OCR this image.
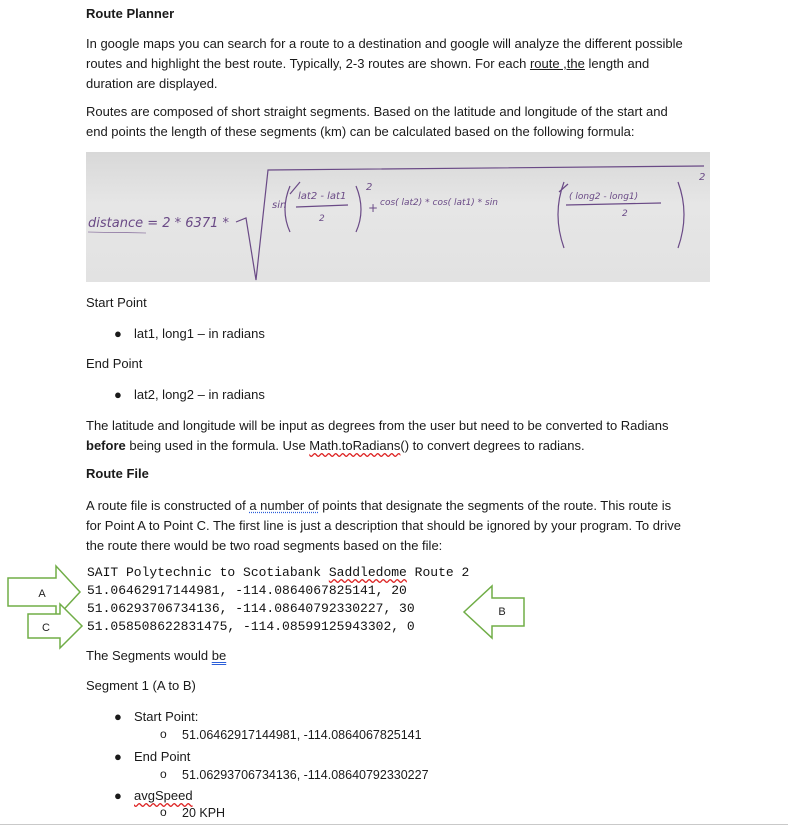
Route Planner

In google maps you can search for a route to a destination and google will analyze the different possible
routes and highlight the best route. Typically, 2-3 routes are shown. For each route ,the length and
duration are displayed.

Routes are composed of short straight segments. Based on the latitude and longitude of the start and
end points the length of these segments (km) can be calculated based on the following formula:

distance = 2 * 6371 *
sin
lat2 - lat1
2
2
+ cos( lat2) * cos( lat1) * sin
( long2 - long1)
2
2

Start Point

● lat1, long1 – in radians

End Point

● lat2, long2 – in radians

The latitude and longitude will be input as degrees from the user but need to be converted to Radians
before being used in the formula. Use Math.toRadians() to convert degrees to radians.

Route File

A route file is constructed of a number of points that designate the segments of the route. This route is
for Point A to Point C. The first line is just a description that should be ignored by your program. To drive
the route there would be two road segments based on the file:

SAIT Polytechnic to Scotiabank Saddledome Route 2

51.06462917144981, -114.0864067825141, 20

51.06293706734136, -114.08640792330227, 30

51.058508622831475, -114.08599125943302, 0

A
C
B

The Segments would be

Segment 1 (A to B)

● Start Point:

o 51.06462917144981, -114.0864067825141

● End Point

o 51.06293706734136, -114.08640792330227

● avgSpeed

o 20 KPH
